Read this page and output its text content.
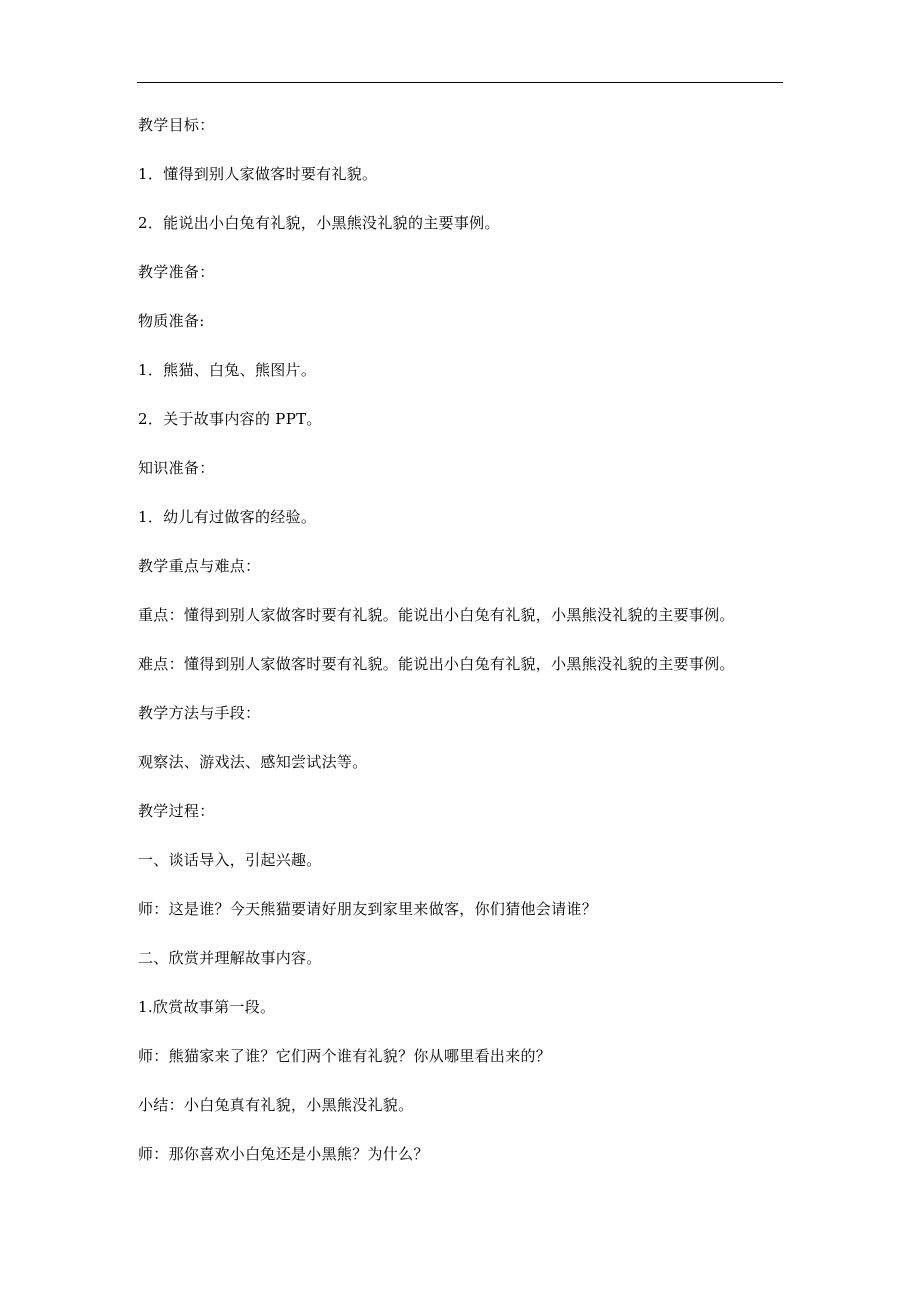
教学目标：
1．懂得到别人家做客时要有礼貌。
2．能说出小白兔有礼貌，小黑熊没礼貌的主要事例。
教学准备：
物质准备:
1．熊猫、白兔、熊图片。
2．关于故事内容的 PPT。
知识准备：
1．幼儿有过做客的经验。
教学重点与难点：
重点：懂得到别人家做客时要有礼貌。能说出小白兔有礼貌，小黑熊没礼貌的主要事例。
难点：懂得到别人家做客时要有礼貌。能说出小白兔有礼貌，小黑熊没礼貌的主要事例。
教学方法与手段：
观察法、游戏法、感知尝试法等。
教学过程：
一、谈话导入，引起兴趣。
师：这是谁？今天熊猫要请好朋友到家里来做客，你们猜他会请谁？
二、欣赏并理解故事内容。
1.欣赏故事第一段。
师：熊猫家来了谁？它们两个谁有礼貌？你从哪里看出来的？
小结：小白兔真有礼貌，小黑熊没礼貌。
师：那你喜欢小白兔还是小黑熊？为什么？
